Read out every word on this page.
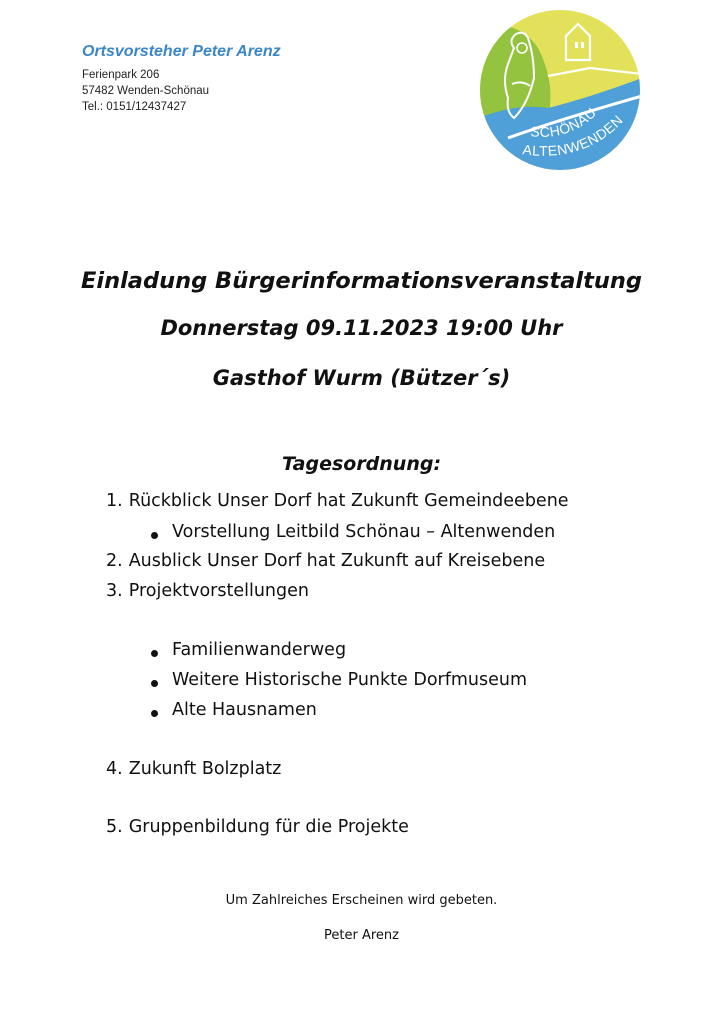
Ortsvorsteher Peter Arenz
Ferienpark 206
57482 Wenden-Schönau
Tel.: 0151/12437427
SCHÖNAU-
ALTENWENDEN
Einladung Bürgerinformationsveranstaltung
Donnerstag 09.11.2023 19:00 Uhr
Gasthof Wurm (Bützer´s)
Tagesordnung:
1. Rückblick Unser Dorf hat Zukunft Gemeindeebene
Vorstellung Leitbild Schönau – Altenwenden
2. Ausblick Unser Dorf hat Zukunft auf Kreisebene
3. Projektvorstellungen
Familienwanderweg
Weitere Historische Punkte Dorfmuseum
Alte Hausnamen
4. Zukunft Bolzplatz
5. Gruppenbildung für die Projekte
Um Zahlreiches Erscheinen wird gebeten.
Peter Arenz
